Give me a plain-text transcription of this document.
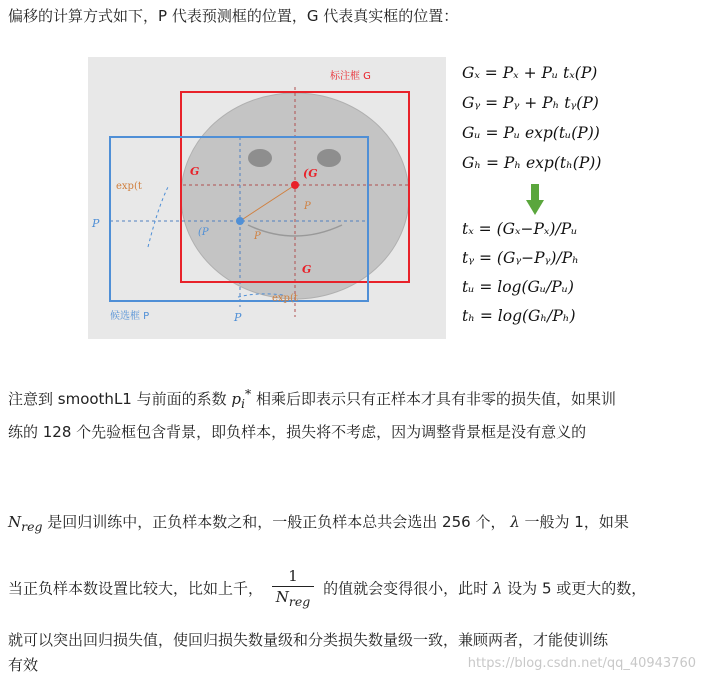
偏移的计算方式如下，P 代表预测框的位置，G 代表真实框的位置：
标注框 G
候选框 P
G
G
(G
P
P
exp(t
exp(t
(P	P
P
Gₓ = Pₓ + Pᵤ tₓ(P)
Gᵧ = Pᵧ + Pₕ tᵧ(P)
Gᵤ = Pᵤ exp(tᵤ(P))
Gₕ = Pₕ exp(tₕ(P))
tₓ = (Gₓ−Pₓ)/Pᵤ
tᵧ = (Gᵧ−Pᵧ)/Pₕ
tᵤ = log(Gᵤ/Pᵤ)
tₕ = log(Gₕ/Pₕ)
注意到 smoothL1 与前面的系数 $p_i^*$ 相乘后即表示只有正样本才具有非零的损失值，如果训
练的 128 个先验框包含背景，即负样本，损失将不考虑，因为调整背景框是没有意义的
$N_{reg}$ 是回归训练中，正负样本数之和，一般正负样本总共会选出 256 个， λ 一般为 1，如果
当正负样本数设置比较大，比如上千， $\frac{1}{N_{reg}}$ 的值就会变得很小，此时 λ 设为 5 或更大的数，
就可以突出回归损失值，使回归损失数量级和分类损失数量级一致，兼顾两者，才能使训练
有效	https://blog.csdn.net/qq_40943760
